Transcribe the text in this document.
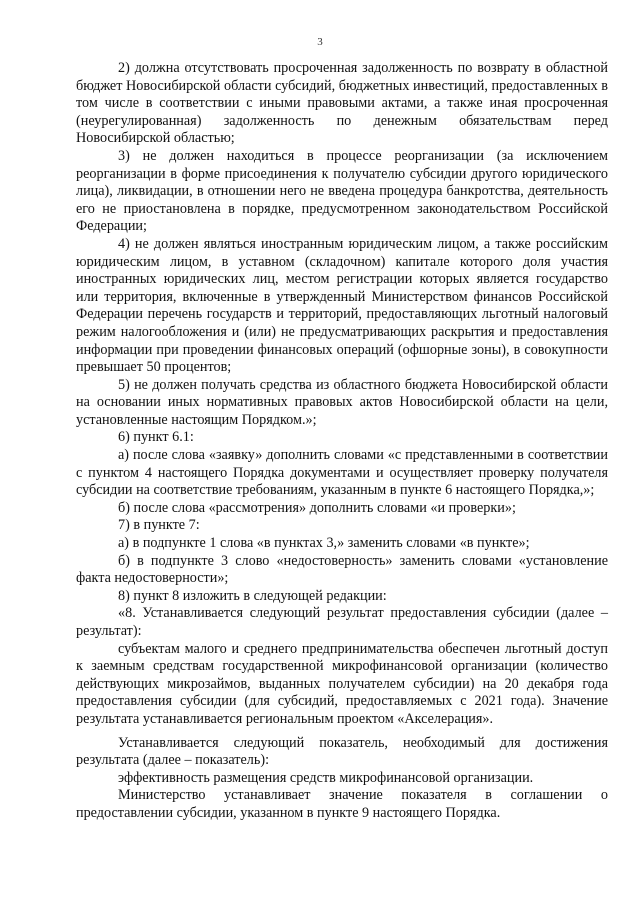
3

2) должна отсутствовать просроченная задолженность по возврату в областной бюджет Новосибирской области субсидий, бюджетных инвестиций, предоставленных в том числе в соответствии с иными правовыми актами, а также иная просроченная (неурегулированная) задолженность по денежным обязательствам перед Новосибирской областью;

3) не должен находиться в процессе реорганизации (за исключением реорганизации в форме присоединения к получателю субсидии другого юридического лица), ликвидации, в отношении него не введена процедура банкротства, деятельность его не приостановлена в порядке, предусмотренном законодательством Российской Федерации;

4) не должен являться иностранным юридическим лицом, а также российским юридическим лицом, в уставном (складочном) капитале которого доля участия иностранных юридических лиц, местом регистрации которых является государство или территория, включенные в утвержденный Министерством финансов Российской Федерации перечень государств и территорий, предоставляющих льготный налоговый режим налогообложения и (или) не предусматривающих раскрытия и предоставления информации при проведении финансовых операций (офшорные зоны), в совокупности превышает 50 процентов;

5) не должен получать средства из областного бюджета Новосибирской области на основании иных нормативных правовых актов Новосибирской области на цели, установленные настоящим Порядком.»;

6) пункт 6.1:

а) после слова «заявку» дополнить словами «с представленными в соответствии с пунктом 4 настоящего Порядка документами и осуществляет проверку получателя субсидии на соответствие требованиям, указанным в пункте 6 настоящего Порядка,»;

б) после слова «рассмотрения» дополнить словами «и проверки»;

7) в пункте 7:

а) в подпункте 1 слова «в пунктах 3,» заменить словами «в пункте»;

б) в подпункте 3 слово «недостоверность» заменить словами «установление факта недостоверности»;

8) пункт 8 изложить в следующей редакции:

«8. Устанавливается следующий результат предоставления субсидии (далее – результат):

субъектам малого и среднего предпринимательства обеспечен льготный доступ к заемным средствам государственной микрофинансовой организации (количество действующих микрозаймов, выданных получателем субсидии) на 20 декабря года предоставления субсидии (для субсидий, предоставляемых с 2021 года). Значение результата устанавливается региональным проектом «Акселерация».

Устанавливается следующий показатель, необходимый для достижения результата (далее – показатель):

эффективность размещения средств микрофинансовой организации.

Министерство устанавливает значение показателя в соглашении о предоставлении субсидии, указанном в пункте 9 настоящего Порядка.
